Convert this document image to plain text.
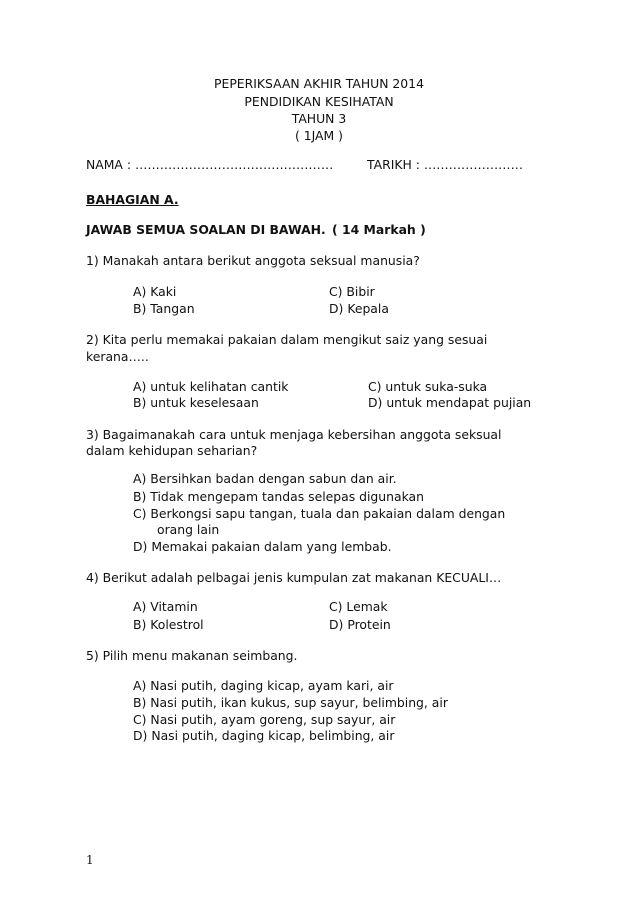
PEPERIKSAAN AKHIR TAHUN 2014
PENDIDIKAN KESIHATAN
TAHUN 3
( 1JAM )
NAMA : …………………………………………	TARIKH : ……………………
BAHAGIAN A.
JAWAB SEMUA SOALAN DI BAWAH. ( 14 Markah )
1) Manakah antara berikut anggota seksual manusia?
A) Kaki
B) Tangan
C) Bibir
D) Kepala
2) Kita perlu memakai pakaian dalam mengikut saiz yang sesuai
kerana…..
A) untuk kelihatan cantik
B) untuk keselesaan
C) untuk suka-suka
D) untuk mendapat pujian
3) Bagaimanakah cara untuk menjaga kebersihan anggota seksual
dalam kehidupan seharian?
A) Bersihkan badan dengan sabun dan air.
B) Tidak mengepam tandas selepas digunakan
C) Berkongsi sapu tangan, tuala dan pakaian dalam dengan
orang lain
D) Memakai pakaian dalam yang lembab.
4) Berikut adalah pelbagai jenis kumpulan zat makanan KECUALI…
A) Vitamin
B) Kolestrol
C) Lemak
D) Protein
5) Pilih menu makanan seimbang.
A) Nasi putih, daging kicap, ayam kari, air
B) Nasi putih, ikan kukus, sup sayur, belimbing, air
C) Nasi putih, ayam goreng, sup sayur, air
D) Nasi putih, daging kicap, belimbing, air
1
